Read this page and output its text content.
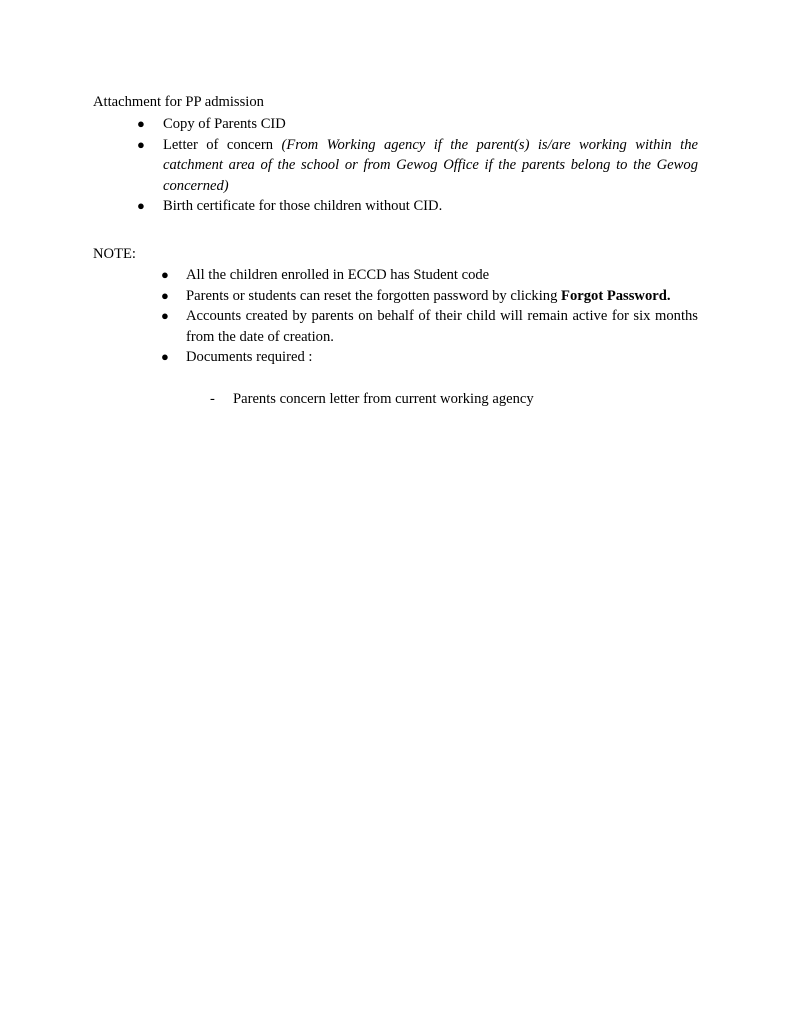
Attachment for PP admission

● Copy of Parents CID
● Letter of concern (From Working agency if the parent(s) is/are working within the catchment area of the school or from Gewog Office if the parents belong to the Gewog concerned)
● Birth certificate for those children without CID.

NOTE:

● All the children enrolled in ECCD has Student code
● Parents or students can reset the forgotten password by clicking Forgot Password.
● Accounts created by parents on behalf of their child will remain active for six months from the date of creation.
● Documents required :
- Parents concern letter from current working agency
